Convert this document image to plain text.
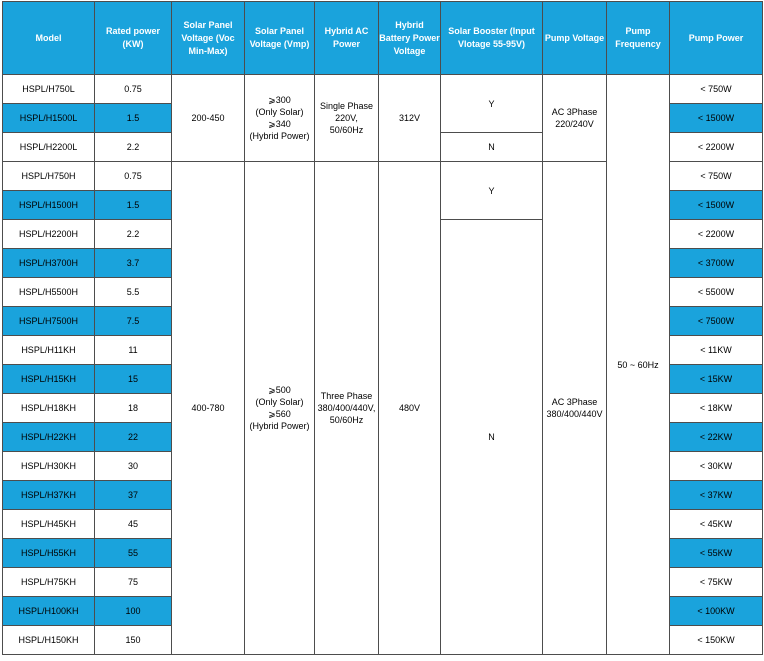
Model	Rated power (KW)	Solar Panel Voltage (Voc Min-Max)	Solar Panel Voltage (Vmp)	Hybrid AC Power	Hybrid Battery Power Voltage	Solar Booster (Input Vlotage 55-95V)	Pump Voltage	Pump Frequency	Pump Power
HSPL/H750L	0.75	200-450	⩾300
(Only Solar)
⩾340
(Hybrid Power)	Single Phase
220V,
50/60Hz	312V	Y	AC 3Phase
220/240V	50 ~ 60Hz	< 750W
HSPL/H1500L	1.5								< 1500W
HSPL/H2200L	2.2					N			< 2200W
HSPL/H750H	0.75	400-780	⩾500
(Only Solar)
⩾560
(Hybrid Power)	Three Phase
380/400/440V,
50/60Hz	480V	Y	AC 3Phase
380/400/440V		< 750W
HSPL/H1500H	1.5								< 1500W
HSPL/H2200H	2.2					N			< 2200W
HSPL/H3700H	3.7								< 3700W
HSPL/H5500H	5.5								< 5500W
HSPL/H7500H	7.5								< 7500W
HSPL/H11KH	11								< 11KW
HSPL/H15KH	15								< 15KW
HSPL/H18KH	18								< 18KW
HSPL/H22KH	22								< 22KW
HSPL/H30KH	30								< 30KW
HSPL/H37KH	37								< 37KW
HSPL/H45KH	45								< 45KW
HSPL/H55KH	55								< 55KW
HSPL/H75KH	75								< 75KW
HSPL/H100KH	100								< 100KW
HSPL/H150KH	150								< 150KW
